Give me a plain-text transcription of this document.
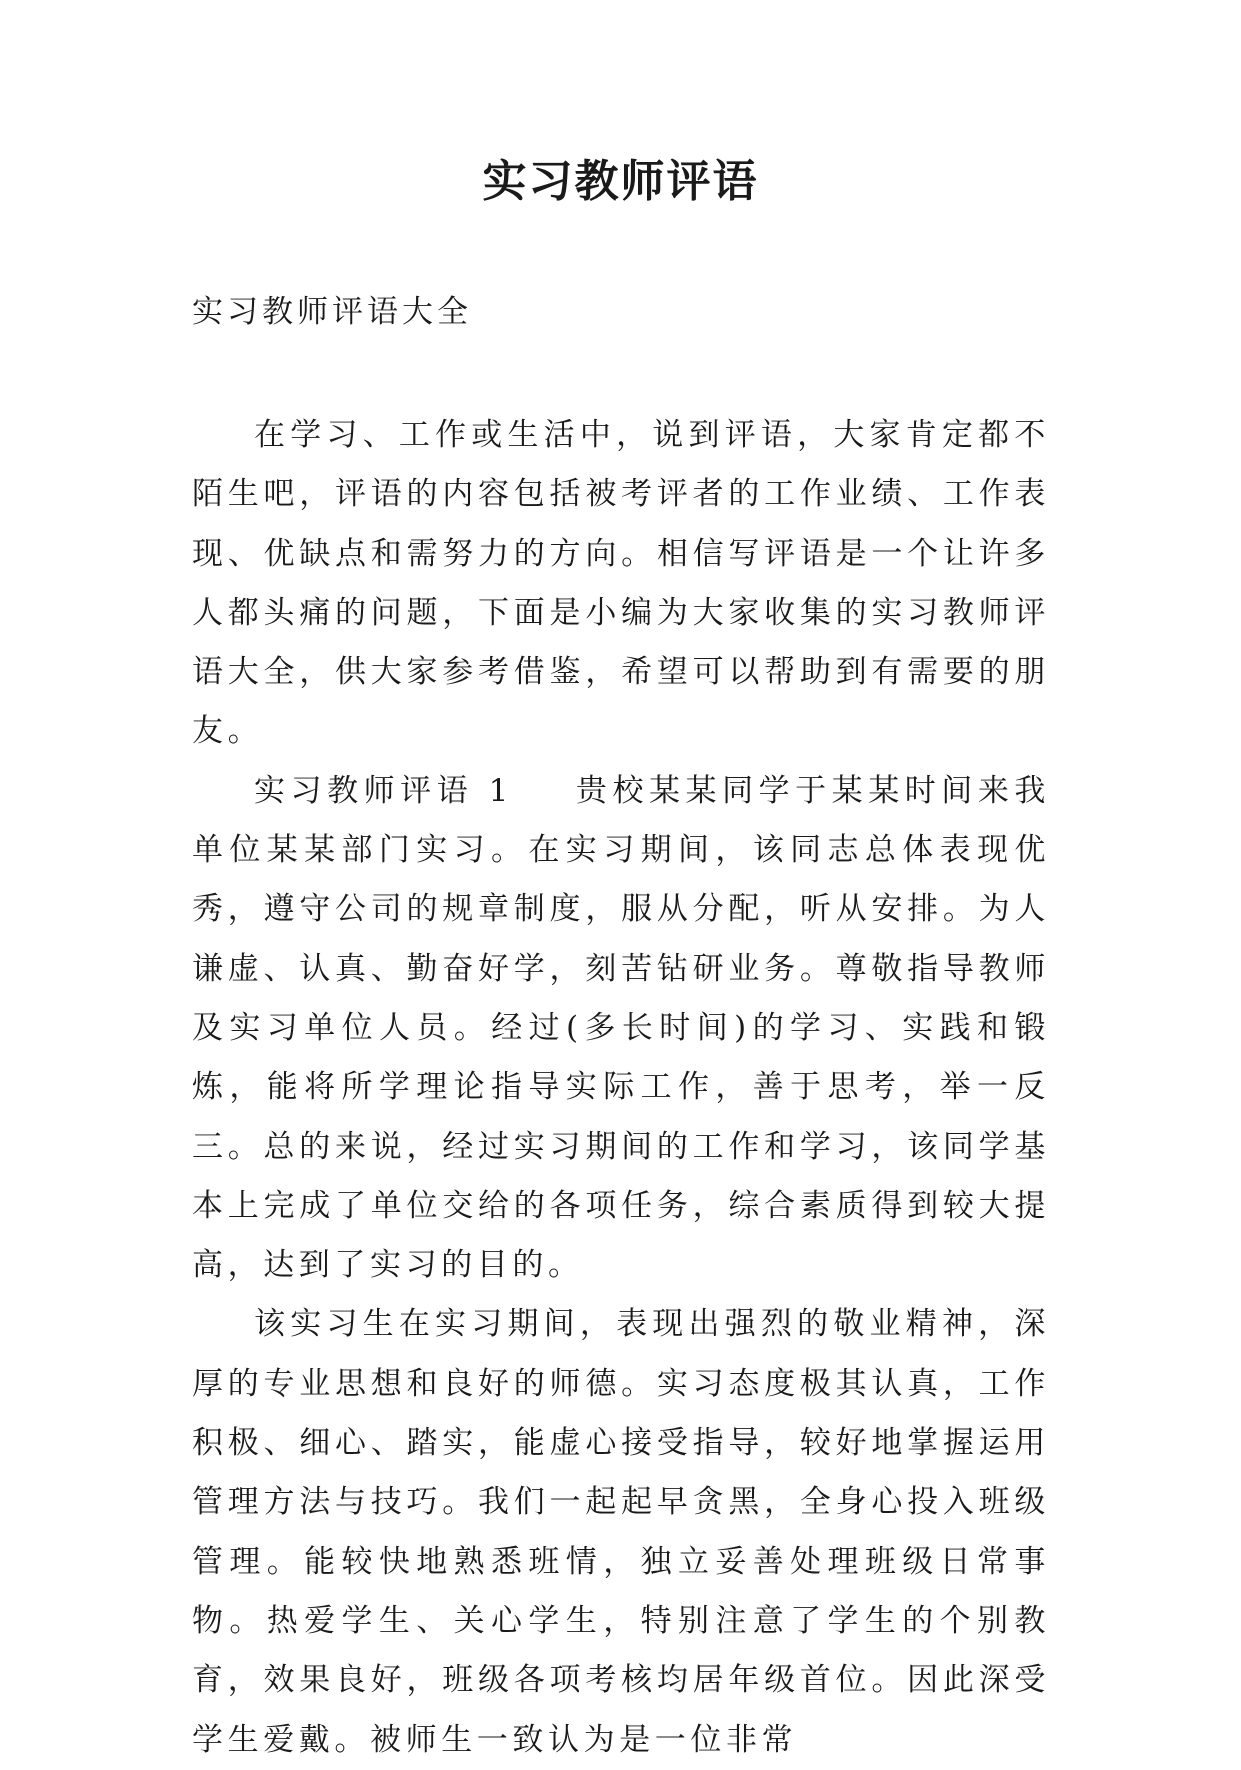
实习教师评语

实习教师评语大全

在学习、工作或生活中，说到评语，大家肯定都不陌生吧，评语的内容包括被考评者的工作业绩、工作表现、优缺点和需努力的方向。相信写评语是一个让许多人都头痛的问题，下面是小编为大家收集的实习教师评语大全，供大家参考借鉴，希望可以帮助到有需要的朋友。

实习教师评语 1 贵校某某同学于某某时间来我单位某某部门实习。在实习期间，该同志总体表现优秀，遵守公司的规章制度，服从分配，听从安排。为人谦虚、认真、勤奋好学，刻苦钻研业务。尊敬指导教师及实习单位人员。经过(多长时间)的学习、实践和锻炼，能将所学理论指导实际工作，善于思考，举一反三。总的来说，经过实习期间的工作和学习，该同学基本上完成了单位交给的各项任务，综合素质得到较大提高，达到了实习的目的。

该实习生在实习期间，表现出强烈的敬业精神，深厚的专业思想和良好的师德。实习态度极其认真，工作积极、细心、踏实，能虚心接受指导，较好地掌握运用管理方法与技巧。我们一起起早贪黑，全身心投入班级管理。能较快地熟悉班情，独立妥善处理班级日常事物。热爱学生、关心学生，特别注意了学生的个别教育，效果良好，班级各项考核均居年级首位。因此深受学生爱戴。被师生一致认为是一位非常
